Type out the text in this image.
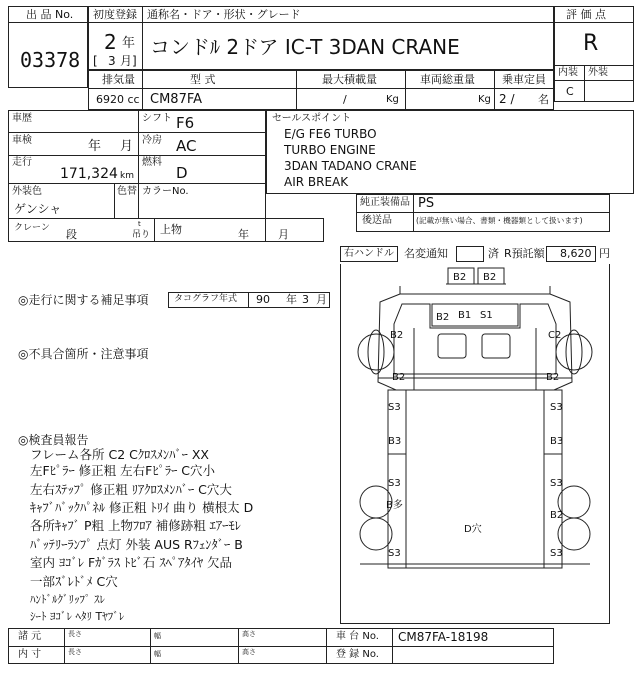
出 品 No.
03378
初度登録 通称名・ドア・形状・グレード
2 年
[ 3 月]
コンドﾙ 2ドア IC-T 3DAN CRANE
評 価 点
R
内装 外装
C
排気量	型 式	最大積載量	車両総重量 乗車定員
6920 cc CM87FA	/	Kg	Kg 2 / 名
車歴	シフト F6
車検	年 月 冷房 AC
走行
171,324 km
燃料
D
外装色
ゲンシャ
色替 カラーNo.
クレーン 段
t
吊り 上物	年	月
セールスポイント
E/G FE6 TURBO
TURBO ENGINE
3DAN TADANO CRANE
AIR BREAK
純正装備品 PS
後送品	(記載が無い場合、書類・機器類として扱います)
右ハンドル 名変通知	済 R預託額 8,620 円
◎走行に関する補足事項	タコグラフ年式 90 年 3 月
◎不具合箇所・注意事項
◎検査員報告
フレーム各所 C2 Cｸﾛｽﾒﾝﾊﾞｰ XX
左Fﾋﾟﾗｰ 修正粗 左右Fﾋﾟﾗｰ C穴小
左右ｽﾃｯﾌﾟ 修正粗 ﾘｱｸﾛｽﾒﾝﾊﾞｰ C穴大
ｷｬﾌﾞﾊﾞｯｸﾊﾟﾈﾙ 修正粗 ﾄﾘｲ 曲り 横根太 D
各所ｷｬﾌﾞ P粗 上物ﾌﾛｱ 補修跡粗 ｴｱｰﾓﾚ
ﾊﾞｯﾃﾘｰﾗﾝﾌﾟ 点灯 外装 AUS Rﾌｪﾝﾀﾞｰ B
室内 ﾖｺﾞﾚ Fｶﾞﾗｽ ﾄﾋﾞ石 ｽﾍﾟｱﾀｲﾔ 欠品
一部ｽﾞﾚﾄﾞﾒ C穴
ﾊﾝﾄﾞﾙｸﾞﾘｯﾌﾟ ｽﾚ
ｼｰﾄ ﾖｺﾞﾚ ﾍﾀﾘ Tﾔﾌﾞﾚ
B2 B2
B2 B1 S1
B2	C2
B2	B2
S3	S3
B3	B3
S3	S3
B多
B2
D穴
S3	S3
諸 元	長さ	幅	高さ
内 寸	長さ	幅	高さ
車 台 No. CM87FA-18198
登 録 No.
